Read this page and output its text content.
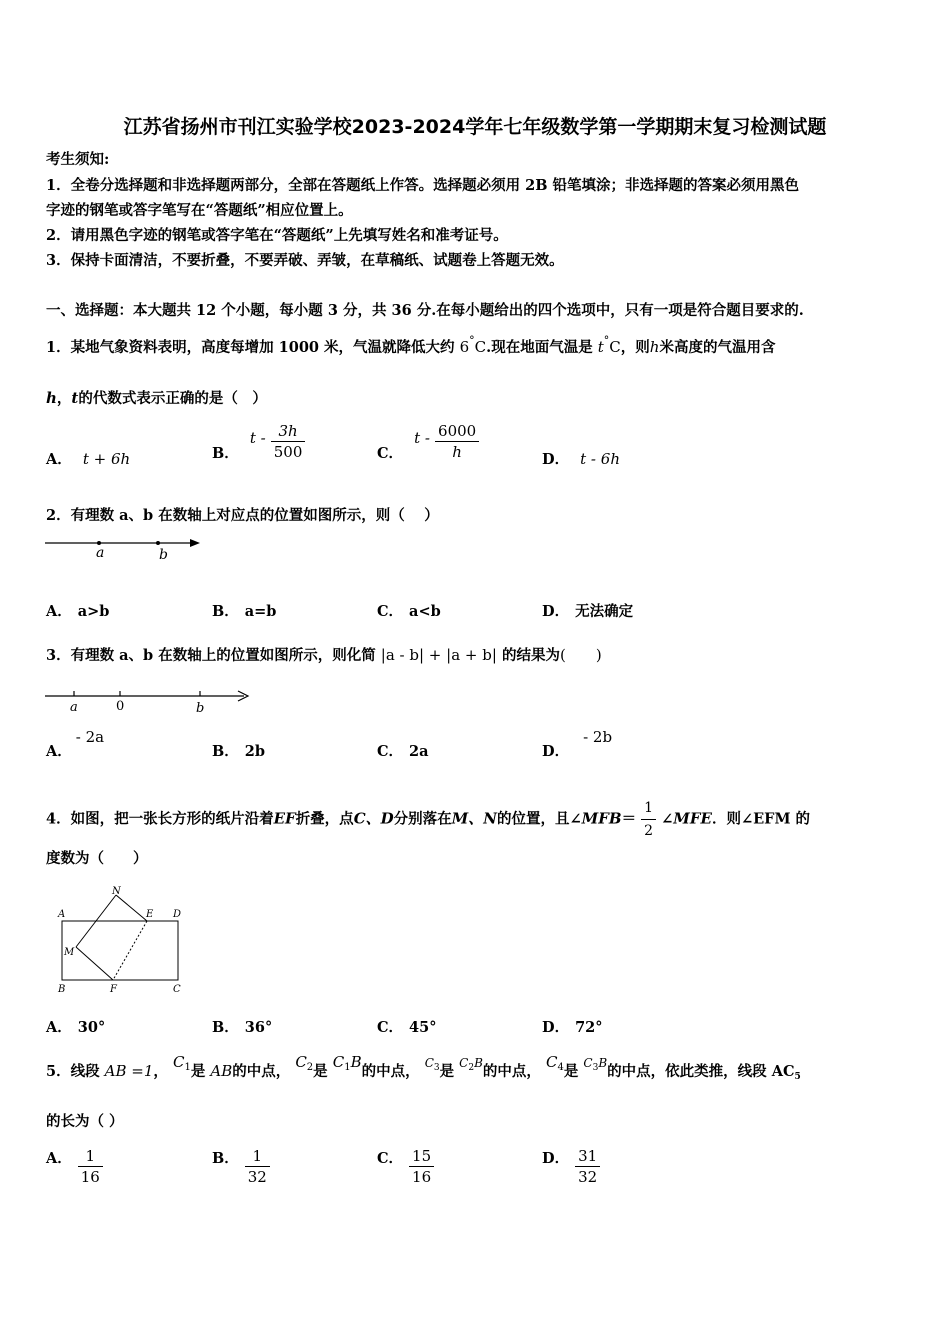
江苏省扬州市刊江实验学校2023-2024学年七年级数学第一学期期末复习检测试题
考生须知:
1．全卷分选择题和非选择题两部分，全部在答题纸上作答。选择题必须用 2B 铅笔填涂；非选择题的答案必须用黑色
字迹的钢笔或答字笔写在“答题纸”相应位置上。
2．请用黑色字迹的钢笔或答字笔在“答题纸”上先填写姓名和准考证号。
3．保持卡面清洁，不要折叠，不要弄破、弄皱，在草稿纸、试题卷上答题无效。
一、选择题：本大题共 12 个小题，每小题 3 分，共 36 分.在每小题给出的四个选项中，只有一项是符合题目要求的.
1．某地气象资料表明，高度每增加 1000 米，气温就降低大约 6°C.现在地面气温是 t°C，则h米高度的气温用含
h，t的代数式表示正确的是（　）
A． t + 6h	B． t - $\frac{3h}{500}$	C． t - $\frac{6000}{h}$	D． t - 6h
2．有理数 a、b 在数轴上对应点的位置如图所示，则（　 ）
a	b
A． a>b	B． a=b	C． a<b	D． 无法确定
3．有理数 a、b 在数轴上的位置如图所示，则化简 |a - b| + |a + b| 的结果为(　　)
a	0	b
A．- 2a
B． 2b	C． 2a	D．- 2b
4．如图，把一张长方形的纸片沿着EF折叠，点C、D分别落在M、N的位置，且∠MFB＝ $\frac{1}{2}$ ∠MFE．则∠EFM 的
度数为（　　）
N
A	E D
M
B	F	C
A． 30°	B． 36°	C． 45°	D． 72°
5．线段 AB =1， $C_1$是 AB的中点， $C_2$是 $C_1B$的中点， $^{C_3}$是 $^{C_2B}$的中点， $C_4$是 $^{C_3B}$的中点，依此类推，线段 $AC_5$
的长为（ ）
A． $\frac{1}{16}$	B． $\frac{1}{32}$	C． $\frac{15}{16}$	D． $\frac{31}{32}$
